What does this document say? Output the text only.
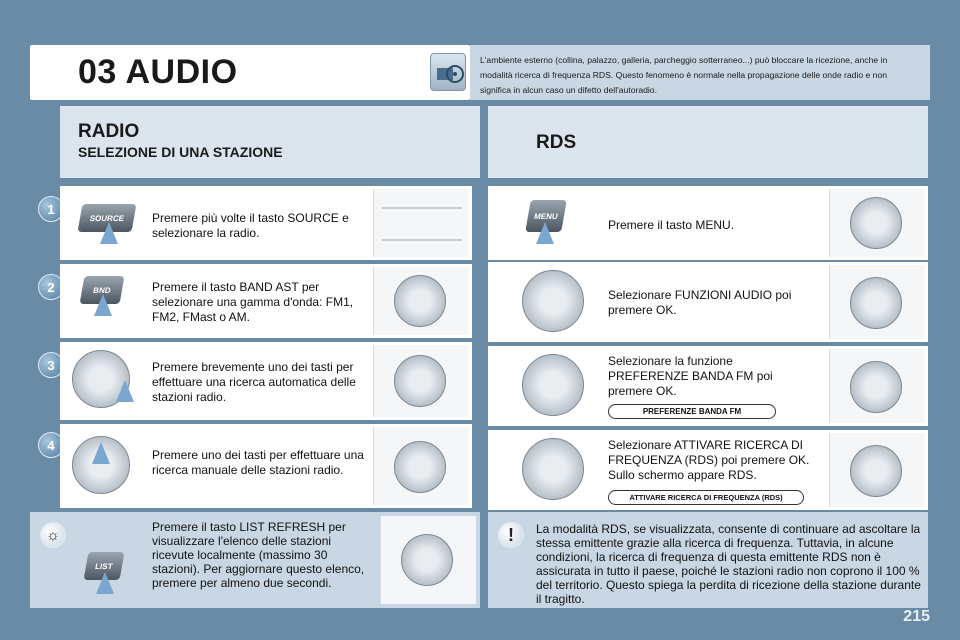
03 AUDIO	L'ambiente esterno (collina, palazzo, galleria, parcheggio sotterraneo...) può bloccare la ricezione, anche in modalità ricerca di frequenza RDS. Questo fenomeno è normale nella propagazione delle onde radio e non significa in alcun caso un difetto dell'autoradio.
RADIO
SELEZIONE DI UNA STAZIONE	RDS
1
SOURCE	Premere più volte il tasto SOURCE e selezionare la radio.
2	BND	Premere il tasto BAND AST per selezionare una gamma d'onda: FM1, FM2, FMast o AM.
3	Premere brevemente uno dei tasti per effettuare una ricerca automatica delle stazioni radio.
4
Premere uno dei tasti per effettuare una ricerca manuale delle stazioni radio.
☼
LIST
Premere il tasto LIST REFRESH per visualizzare l'elenco delle stazioni ricevute localmente (massimo 30 stazioni). Per aggiornare questo elenco, premere per almeno due secondi.
MENU
Premere il tasto MENU.
Selezionare FUNZIONI AUDIO poi premere OK.
Selezionare la funzione PREFERENZE BANDA FM poi premere OK.
PREFERENZE BANDA FM
Selezionare ATTIVARE RICERCA DI FREQUENZA (RDS) poi premere OK. Sullo schermo appare RDS.
ATTIVARE RICERCA DI FREQUENZA (RDS)
!	La modalità RDS, se visualizzata, consente di continuare ad ascoltare la stessa emittente grazie alla ricerca di frequenza. Tuttavia, in alcune condizioni, la ricerca di frequenza di questa emittente RDS non è assicurata in tutto il paese, poiché le stazioni radio non coprono il 100 % del territorio. Questo spiega la perdita di ricezione della stazione durante il tragitto.
215
